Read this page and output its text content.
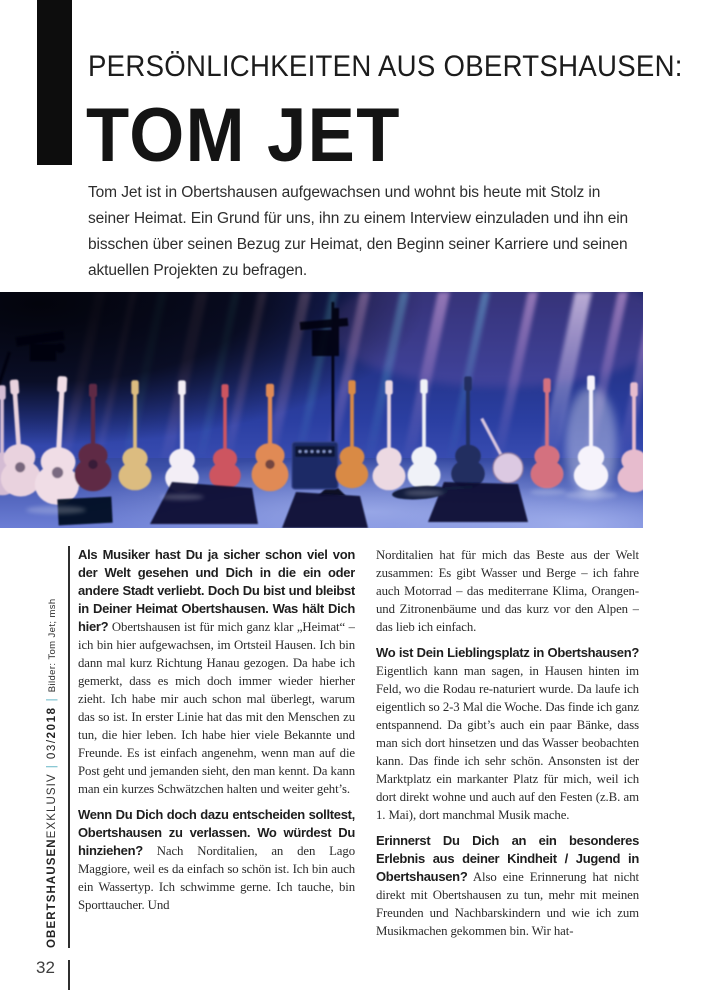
PERSÖNLICHKEITEN AUS OBERTSHAUSEN:
TOM JET

Tom Jet ist in Obertshausen aufgewachsen und wohnt bis heute mit Stolz in seiner Heimat. Ein Grund für uns, ihn zu einem Interview einzuladen und ihn ein bisschen über seinen Bezug zur Heimat, den Beginn seiner Karriere und seinen aktuellen Projekten zu befragen.

OBERTSHAUSENEXKLUSIV|03/2018|Bilder: Tom Jet; msh

Als Musiker hast Du ja sicher schon viel von der Welt gesehen und Dich in die ein oder andere Stadt verliebt. Doch Du bist und bleibst in Deiner Heimat Obertshausen. Was hält Dich hier? Obertshausen ist für mich ganz klar „Heimat“ – ich bin hier aufgewachsen, im Ortsteil Hausen. Ich bin dann mal kurz Richtung Hanau gezogen. Da habe ich gemerkt, dass es mich doch immer wieder hierher zieht. Ich habe mir auch schon mal überlegt, warum das so ist. In erster Linie hat das mit den Menschen zu tun, die hier leben. Ich habe hier viele Bekannte und Freunde. Es ist einfach angenehm, wenn man auf die Post geht und jemanden sieht, den man kennt. Da kann man ein kurzes Schwätzchen halten und weiter geht’s.

Wenn Du Dich doch dazu entscheiden solltest, Obertshausen zu verlassen. Wo würdest Du hinziehen? Nach Norditalien, an den Lago Maggiore, weil es da einfach so schön ist. Ich bin auch ein Wassertyp. Ich schwimme gerne. Ich tauche, bin Sporttaucher. Und

Norditalien hat für mich das Beste aus der Welt zusammen: Es gibt Wasser und Berge – ich fahre auch Motorrad – das mediterrane Klima, Orangen- und Zitronenbäume und das kurz vor den Alpen – das lieb ich einfach.

Wo ist Dein Lieblingsplatz in Obertshausen? Eigentlich kann man sagen, in Hausen hinten im Feld, wo die Rodau re-naturiert wurde. Da laufe ich eigentlich so 2-3 Mal die Woche. Das finde ich ganz entspannend. Da gibt’s auch ein paar Bänke, dass man sich dort hinsetzen und das Wasser beobachten kann. Das finde ich sehr schön. Ansonsten ist der Marktplatz ein markanter Platz für mich, weil ich dort direkt wohne und auch auf den Festen (z.B. am 1. Mai), dort manchmal Musik mache.

Erinnerst Du Dich an ein besonderes Erlebnis aus deiner Kindheit / Jugend in Obertshausen? Also eine Erinnerung hat nicht direkt mit Obertshausen zu tun, mehr mit meinen Freunden und Nachbarskindern und wie ich zum Musikmachen gekommen bin. Wir hat-

32
